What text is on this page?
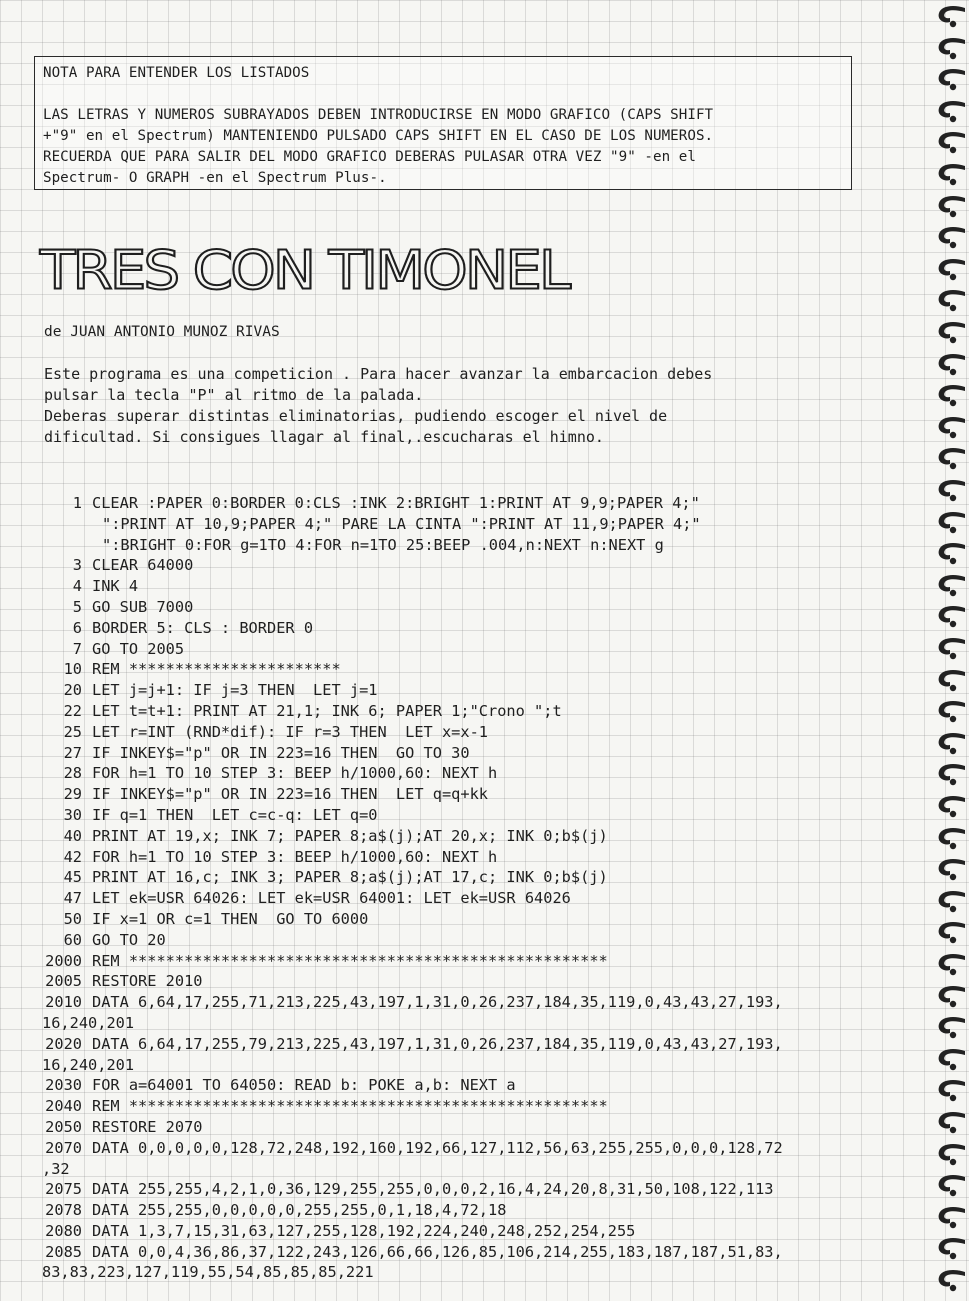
NOTA PARA ENTENDER LOS LISTADOS
LAS LETRAS Y NUMEROS SUBRAYADOS DEBEN INTRODUCIRSE EN MODO GRAFICO (CAPS SHIFT
+"9" en el Spectrum) MANTENIENDO PULSADO CAPS SHIFT EN EL CASO DE LOS NUMEROS.
RECUERDA QUE PARA SALIR DEL MODO GRAFICO DEBERAS PULASAR OTRA VEZ "9" -en el
Spectrum- O GRAPH -en el Spectrum Plus-.
TRES CON TIMONEL
de JUAN ANTONIO MUNOZ RIVAS
Este programa es una competicion . Para hacer avanzar la embarcacion debes
pulsar la tecla "P" al ritmo de la palada.
Deberas superar distintas eliminatorias, pudiendo escoger el nivel de
dificultad. Si consigues llagar al final,.escucharas el himno.
1 CLEAR :PAPER 0:BORDER 0:CLS :INK 2:BRIGHT 1:PRINT AT 9,9;PAPER 4;"
":PRINT AT 10,9;PAPER 4;" PARE LA CINTA ":PRINT AT 11,9;PAPER 4;"
":BRIGHT 0:FOR g=1TO 4:FOR n=1TO 25:BEEP .004,n:NEXT n:NEXT g
3 CLEAR 64000
4 INK 4
5 GO SUB 7000
6 BORDER 5: CLS : BORDER 0
7 GO TO 2005
10 REM ***********************
20 LET j=j+1: IF j=3 THEN  LET j=1
22 LET t=t+1: PRINT AT 21,1; INK 6; PAPER 1;"Crono ";t
25 LET r=INT (RND*dif): IF r=3 THEN  LET x=x-1
27 IF INKEY$="p" OR IN 223=16 THEN  GO TO 30
28 FOR h=1 TO 10 STEP 3: BEEP h/1000,60: NEXT h
29 IF INKEY$="p" OR IN 223=16 THEN  LET q=q+kk
30 IF q=1 THEN  LET c=c-q: LET q=0
40 PRINT AT 19,x; INK 7; PAPER 8;a$(j);AT 20,x; INK 0;b$(j)
42 FOR h=1 TO 10 STEP 3: BEEP h/1000,60: NEXT h
45 PRINT AT 16,c; INK 3; PAPER 8;a$(j);AT 17,c; INK 0;b$(j)
47 LET ek=USR 64026: LET ek=USR 64001: LET ek=USR 64026
50 IF x=1 OR c=1 THEN  GO TO 6000
60 GO TO 20
2000 REM ****************************************************
2005 RESTORE 2010
2010 DATA 6,64,17,255,71,213,225,43,197,1,31,0,26,237,184,35,119,0,43,43,27,193,
16,240,201
2020 DATA 6,64,17,255,79,213,225,43,197,1,31,0,26,237,184,35,119,0,43,43,27,193,
16,240,201
2030 FOR a=64001 TO 64050: READ b: POKE a,b: NEXT a
2040 REM ****************************************************
2050 RESTORE 2070
2070 DATA 0,0,0,0,0,128,72,248,192,160,192,66,127,112,56,63,255,255,0,0,0,128,72
,32
2075 DATA 255,255,4,2,1,0,36,129,255,255,0,0,0,2,16,4,24,20,8,31,50,108,122,113
2078 DATA 255,255,0,0,0,0,0,255,255,0,1,18,4,72,18
2080 DATA 1,3,7,15,31,63,127,255,128,192,224,240,248,252,254,255
2085 DATA 0,0,4,36,86,37,122,243,126,66,66,126,85,106,214,255,183,187,187,51,83,
83,83,223,127,119,55,54,85,85,85,221
